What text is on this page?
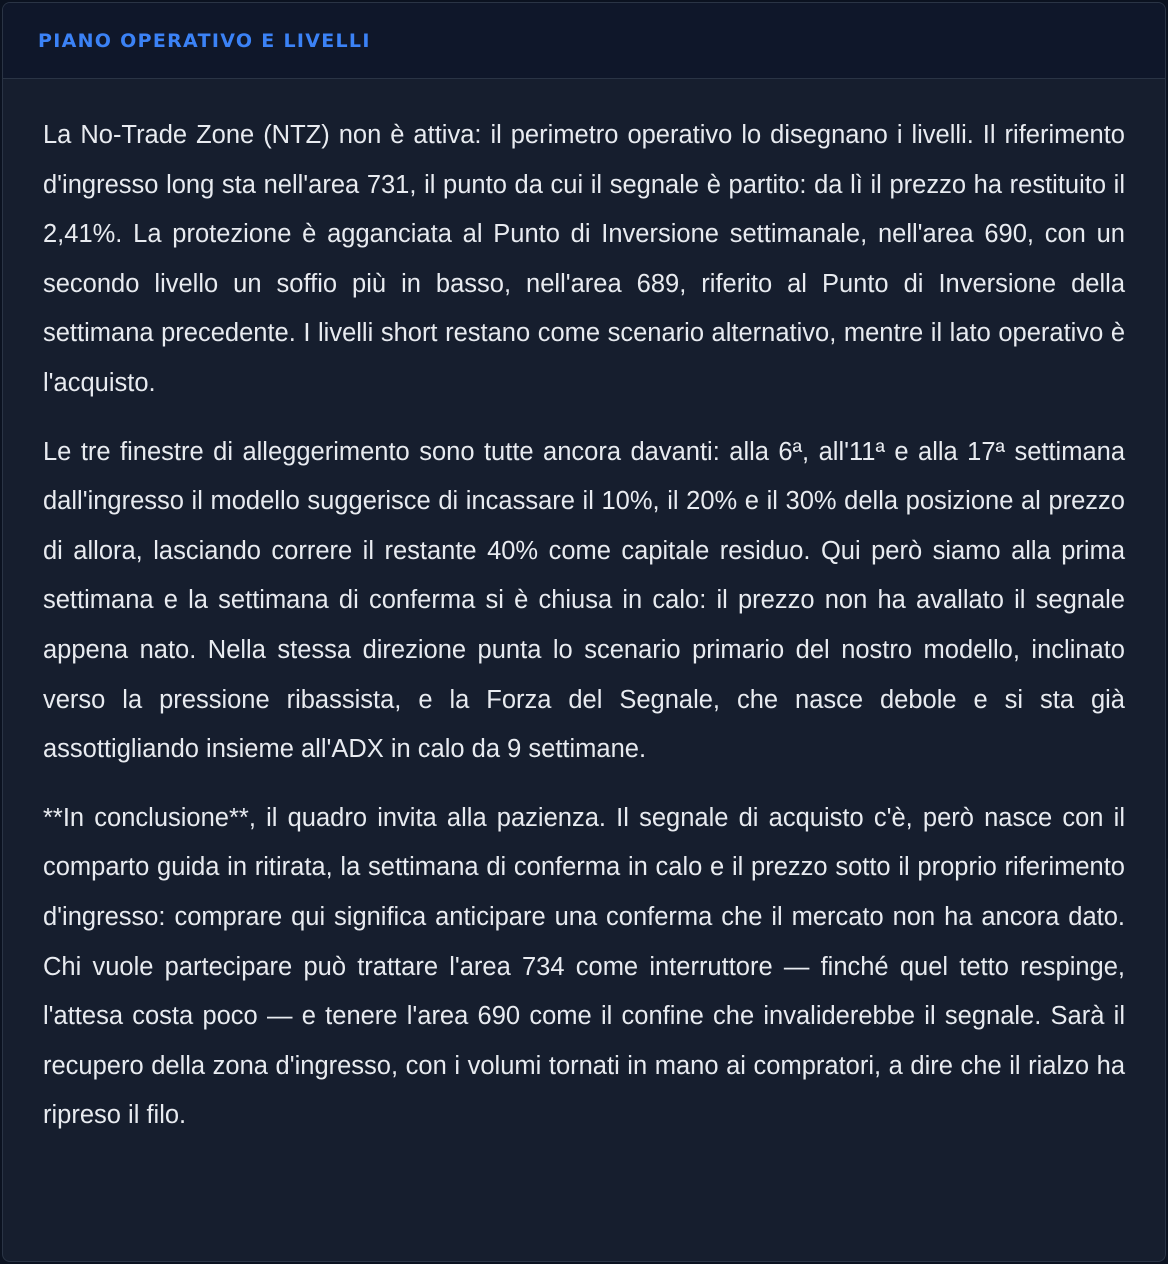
PIANO OPERATIVO E LIVELLI

La No-Trade Zone (NTZ) non è attiva: il perimetro operativo lo disegnano i livelli. Il riferimento d'ingresso long sta nell'area 731, il punto da cui il segnale è partito: da lì il prezzo ha restituito il 2,41%. La protezione è agganciata al Punto di Inversione settimanale, nell'area 690, con un secondo livello un soffio più in basso, nell'area 689, riferito al Punto di Inversione della settimana precedente. I livelli short restano come scenario alternativo, mentre il lato operativo è l'acquisto.

Le tre finestre di alleggerimento sono tutte ancora davanti: alla 6ª, all'11ª e alla 17ª settimana dall'ingresso il modello suggerisce di incassare il 10%, il 20% e il 30% della posizione al prezzo di allora, lasciando correre il restante 40% come capitale residuo. Qui però siamo alla prima settimana e la settimana di conferma si è chiusa in calo: il prezzo non ha avallato il segnale appena nato. Nella stessa direzione punta lo scenario primario del nostro modello, inclinato verso la pressione ribassista, e la Forza del Segnale, che nasce debole e si sta già assottigliando insieme all'ADX in calo da 9 settimane.

**In conclusione**, il quadro invita alla pazienza. Il segnale di acquisto c'è, però nasce con il comparto guida in ritirata, la settimana di conferma in calo e il prezzo sotto il proprio riferimento d'ingresso: comprare qui significa anticipare una conferma che il mercato non ha ancora dato. Chi vuole partecipare può trattare l'area 734 come interruttore — finché quel tetto respinge, l'attesa costa poco — e tenere l'area 690 come il confine che invaliderebbe il segnale. Sarà il recupero della zona d'ingresso, con i volumi tornati in mano ai compratori, a dire che il rialzo ha ripreso il filo.
